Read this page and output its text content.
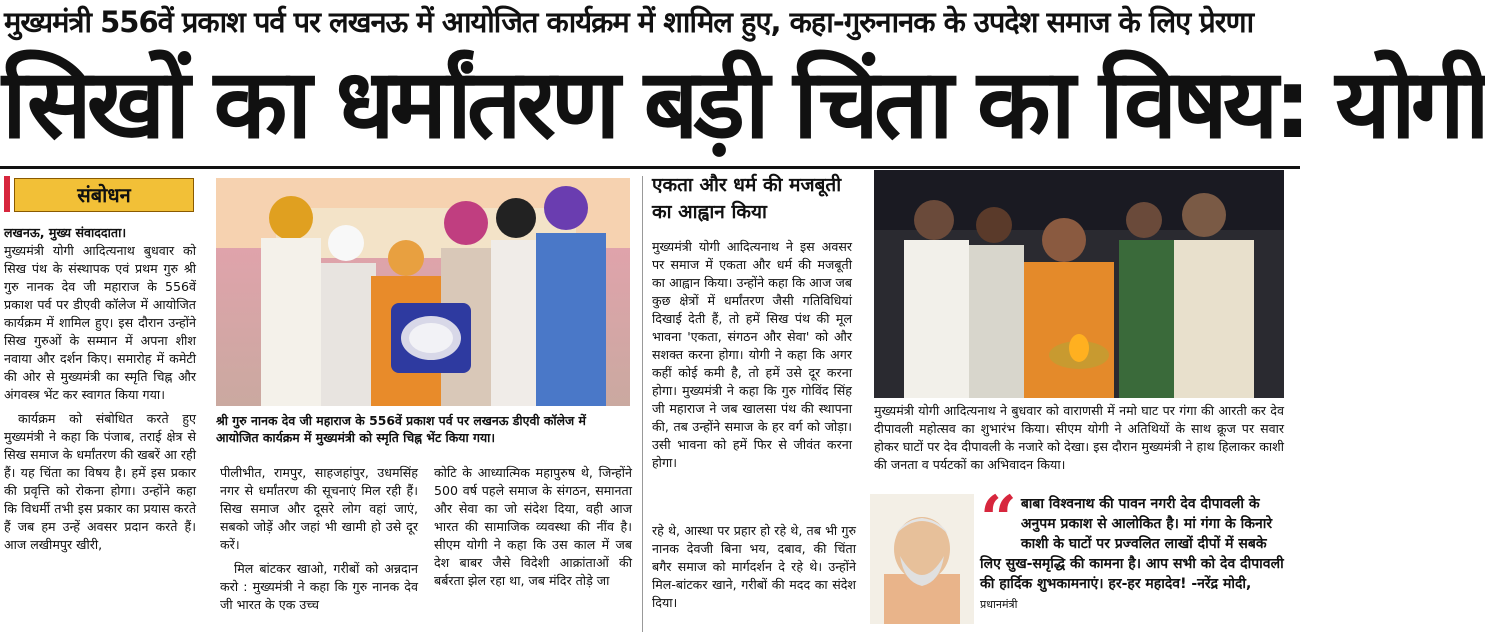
मुख्यमंत्री 556वें प्रकाश पर्व पर लखनऊ में आयोजित कार्यक्रम में शामिल हुए, कहा-गुरुनानक के उपदेश समाज के लिए प्रेरणा
सिखों का धर्मांतरण बड़ी चिंता का विषय: योगी
संबोधन

लखनऊ, मुख्य संवाददाता।

मुख्यमंत्री योगी आदित्यनाथ बुधवार को सिख पंथ के संस्थापक एवं प्रथम गुरु श्री गुरु नानक देव जी महाराज के 556वें प्रकाश पर्व पर डीएवी कॉलेज में आयोजित कार्यक्रम में शामिल हुए। इस दौरान उन्होंने सिख गुरुओं के सम्मान में अपना शीश नवाया और दर्शन किए। समारोह में कमेटी की ओर से मुख्यमंत्री का स्मृति चिह्न और अंगवस्त्र भेंट कर स्वागत किया गया।

कार्यक्रम को संबोधित करते हुए मुख्यमंत्री ने कहा कि पंजाब, तराई क्षेत्र से सिख समाज के धर्मांतरण की खबरें आ रही हैं। यह चिंता का विषय है। हमें इस प्रकार की प्रवृत्ति को रोकना होगा। उन्होंने कहा कि विधर्मी तभी इस प्रकार का प्रयास करते हैं जब हम उन्हें अवसर प्रदान करते हैं। आज लखीमपुर खीरी,

श्री गुरु नानक देव जी महाराज के 556वें प्रकाश पर्व पर लखनऊ डीएवी कॉलेज में आयोजित कार्यक्रम में मुख्यमंत्री को स्मृति चिह्न भेंट किया गया।

पीलीभीत, रामपुर, साहजहांपुर, उधमसिंह नगर से धर्मांतरण की सूचनाएं मिल रही हैं। सिख समाज और दूसरे लोग वहां जाएं, सबको जोड़ें और जहां भी खामी हो उसे दूर करें।

मिल बांटकर खाओ, गरीबों को अन्नदान करो : मुख्यमंत्री ने कहा कि गुरु नानक देव जी भारत के एक उच्च

कोटि के आध्यात्मिक महापुरुष थे, जिन्होंने 500 वर्ष पहले समाज के संगठन, समानता और सेवा का जो संदेश दिया, वही आज भारत की सामाजिक व्यवस्था की नींव है। सीएम योगी ने कहा कि उस काल में जब देश बाबर जैसे विदेशी आक्रांताओं की बर्बरता झेल रहा था, जब मंदिर तोड़े जा

एकता और धर्म की मजबूती का आह्वान किया

मुख्यमंत्री योगी आदित्यनाथ ने इस अवसर पर समाज में एकता और धर्म की मजबूती का आह्वान किया। उन्होंने कहा कि आज जब कुछ क्षेत्रों में धर्मांतरण जैसी गतिविधियां दिखाई देती हैं, तो हमें सिख पंथ की मूल भावना 'एकता, संगठन और सेवा' को और सशक्त करना होगा। योगी ने कहा कि अगर कहीं कोई कमी है, तो हमें उसे दूर करना होगा। मुख्यमंत्री ने कहा कि गुरु गोविंद सिंह जी महाराज ने जब खालसा पंथ की स्थापना की, तब उन्होंने समाज के हर वर्ग को जोड़ा। उसी भावना को हमें फिर से जीवंत करना होगा।

रहे थे, आस्था पर प्रहार हो रहे थे, तब भी गुरु नानक देवजी बिना भय, दबाव, की चिंता बगैर समाज को मार्गदर्शन दे रहे थे। उन्होंने मिल-बांटकर खाने, गरीबों की मदद का संदेश दिया।

मुख्यमंत्री योगी आदित्यनाथ ने बुधवार को वाराणसी में नमो घाट पर गंगा की आरती कर देव दीपावली महोत्सव का शुभारंभ किया। सीएम योगी ने अतिथियों के साथ क्रूज पर सवार होकर घाटों पर देव दीपावली के नजारे को देखा। इस दौरान मुख्यमंत्री ने हाथ हिलाकर काशी की जनता व पर्यटकों का अभिवादन किया।
“ बाबा विश्वनाथ की पावन नगरी देव दीपावली के अनुपम प्रकाश से आलोकित है। मां गंगा के किनारे काशी के घाटों पर प्रज्वलित लाखों दीपों में सबके लिए सुख-समृद्धि की कामना है। आप सभी को देव दीपावली की हार्दिक शुभकामनाएं। हर-हर महादेव! -नरेंद्र मोदी, प्रधानमंत्री
